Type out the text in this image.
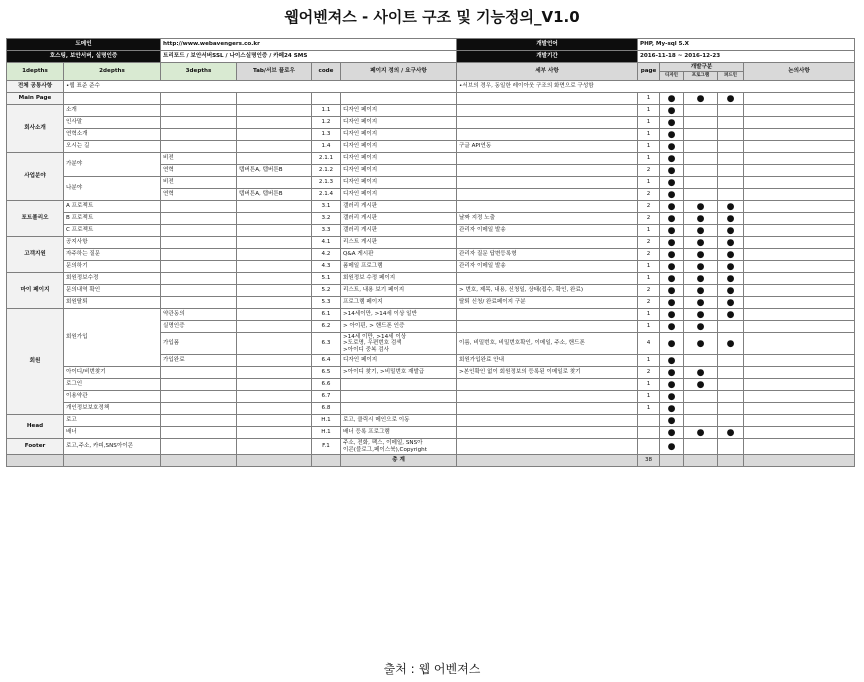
웹어벤져스 - 사이트 구조 및 기능정의_V1.0
도메인		http://www.webavengers.co.kr				개발언어	PHP, My-sql 5.X				
호스팅, 보안서버, 실명인증		트리포드 / 보안서버SSL / 나이스실명인증 / 카페24 SMS				개발기간	2016-11-18 ~ 2016-12-23				
1depths	2depths	3depths	Tab/서브 플로우	code	페이지 정의 / 요구사항	세부 사항	page	개발구분			논의사항
								디자인	프로그램	퍼드인	
전체 공통사항	•웹 표준 준수					•서브의 경우, 동일한 레이아웃 구조의 화면으로 구성함					
Main Page							1	●	●	●	
회사소개	소개			1.1	디자인 페이지		1	●			
	인사말			1.2	디자인 페이지		1	●			
	연혁소개			1.3	디자인 페이지		1	●			
	오시는 길			1.4	디자인 페이지	구글 API연동	1	●			
사업분야	가분야	비전		2.1.1	디자인 페이지		1	●			
		연혁	탭버튼A, 탭버튼B	2.1.2	디자인 페이지		2	●			
	나분야	비전		2.1.3	디자인 페이지		1	●			
		연혁	탭버튼A, 탭버튼B	2.1.4	디자인 페이지		2	●			
포트폴리오	A 프로젝트			3.1	갤러리 게시판		2	●	●	●	
	B 프로젝트			3.2	갤러리 게시판	날짜 지정 노출	2	●	●	●	
	C 프로젝트			3.3	갤러리 게시판	관리자 이메일 발송	1	●	●	●	
고객지원	공지사항			4.1	리스트 게시판		2	●	●	●	
	자주하는 질문			4.2	Q&A 게시판	관리자 질문 답변등록형	2	●	●	●	
	문의하기			4.3	폼메일 프로그램	관리자 이메일 발송	1	●	●	●	
마이 페이지	회원정보수정			5.1	회원정보 수정 페이지		1	●	●	●	
	문의내역 확인			5.2	리스트, 내용 보기 페이지	> 번호, 제목, 내용, 신청일, 상태(접수, 확인, 완료)	2	●	●	●	
	회원탈퇴			5.3	프로그램 페이지	탈퇴 신청/ 완료페이지 구분	2	●	●	●	
회원	회원가입	약관동의		6.1	>14세이만, >14세 이상 일반		1	●	●	●	
		실명인증		6.2	> 아이핀, > 핸드폰 인증		1	●	●		
		가입폼		6.3	>14세 이만, >14세 이상
>도로명, 우편번호 검색
>아이디 중복 검사	이름, 비밀번호, 비밀번호확인, 이메일, 주소, 핸드폰	4	●	●	●	
		가입완료		6.4	디자인 페이지	회원가입완료 안내	1	●			
	아이디/비번찾기			6.5	>아이디 찾기, >비밀번호 재발급	>본인확인 없이 회원정보의 등록된 이메일로 찾기	2	●	●		
	로그인			6.6			1	●	●		
	이용약관			6.7			1	●			
	개인정보보호정책			6.8			1	●			
Head	로고			H.1	로고, 클릭시 메인으로 이동			●			
	배너			H.1	배너 등록 프로그램			●	●	●	
Footer	로고,주소, 카피,SNS아이콘			F.1	주소, 전화, 팩스, 이메일, SNS아
이콘(블로그,페이스북),Copyright			●			
					총 계		38				
출처 : 웹 어벤져스
